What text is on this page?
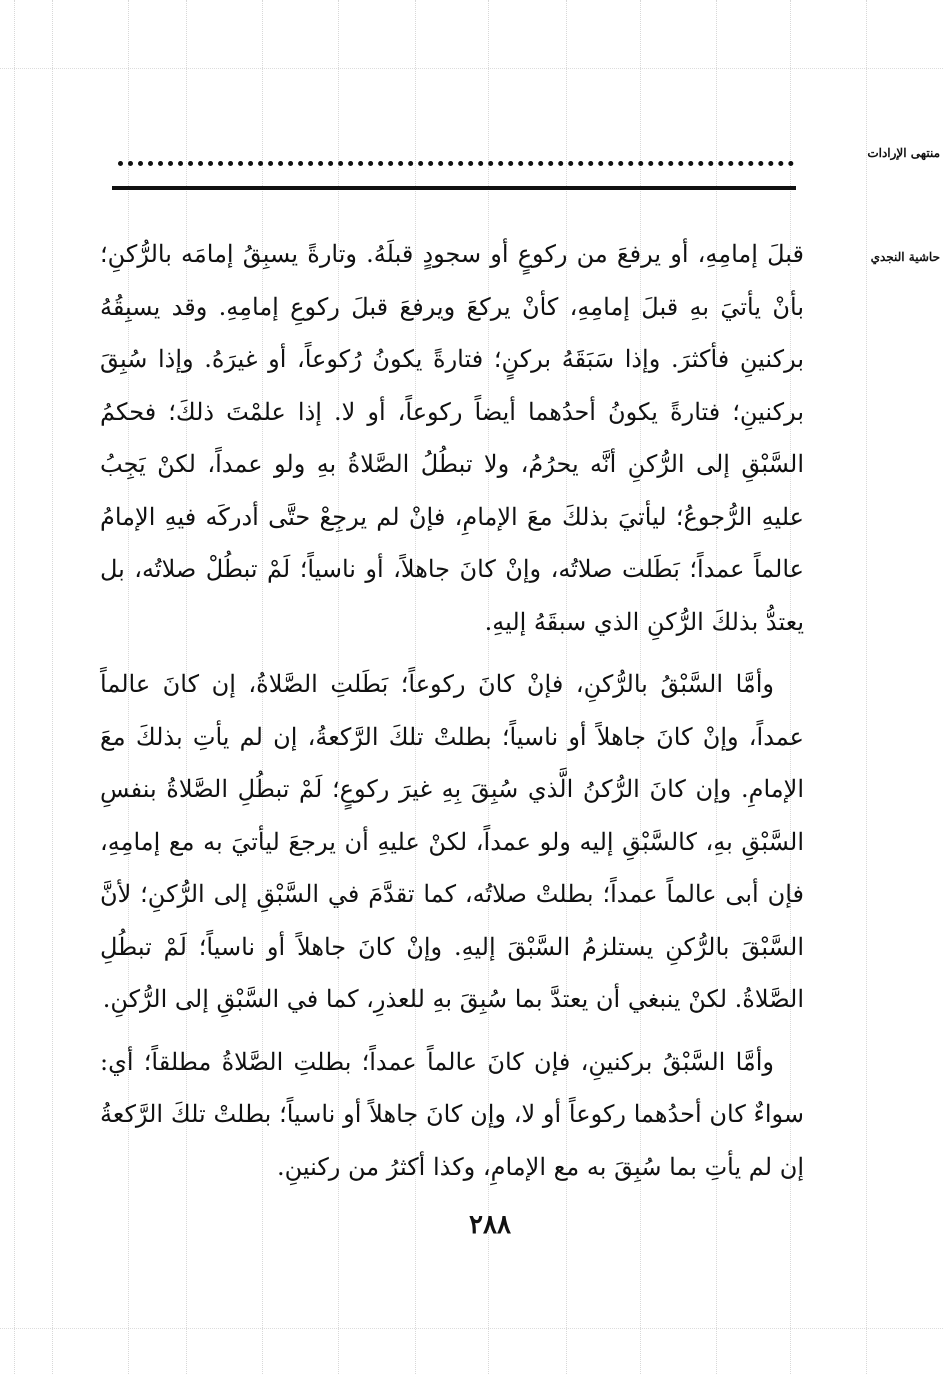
منتهى الإرادات
حاشية النجدي

قبلَ إمامِهِ، أو يرفعَ من ركوعٍ أو سجودٍ قبلَهُ. وتارةً يسبِقُ إمامَه بالرُّكنِ؛ بأنْ يأتيَ بهِ قبلَ إمامِهِ، كأنْ يركعَ ويرفعَ قبلَ ركوعِ إمامِهِ. وقد يسبِقُهُ بركنينِ فأكثرَ. وإذا سَبَقَهُ بركنٍ؛ فتارةً يكونُ رُكوعاً، أو غيرَهُ. وإذا سُبِقَ بركنينِ؛ فتارةً يكونُ أحدُهما أيضاً ركوعاً، أو لا. إذا علمْتَ ذلكَ؛ فحكمُ السَّبْقِ إلى الرُّكنِ أنَّه يحرُمُ، ولا تبطُلُ الصَّلاةُ بهِ ولو عمداً، لكنْ يَجِبُ عليهِ الرُّجوعُ؛ ليأتيَ بذلكَ معَ الإمامِ، فإنْ لم يرجِعْ حتَّى أدركَه فيهِ الإمامُ عالماً عمداً؛ بَطَلت صلاتُه، وإنْ كانَ جاهلاً، أو ناسياً؛ لَمْ تبطُلْ صلاتُه، بل يعتدُّ بذلكَ الرُّكنِ الذي سبقَهُ إليهِ.

وأمَّا السَّبْقُ بالرُّكنِ، فإنْ كانَ ركوعاً؛ بَطَلتِ الصَّلاةُ، إن كانَ عالماً عمداً، وإنْ كانَ جاهلاً أو ناسياً؛ بطلتْ تلكَ الرَّكعةُ، إن لم يأتِ بذلكَ معَ الإمامِ. وإن كانَ الرُّكنُ الَّذي سُبِقَ بِهِ غيرَ ركوعٍ؛ لَمْ تبطُلِ الصَّلاةُ بنفسِ السَّبْقِ بهِ، كالسَّبْقِ إليه ولو عمداً، لكنْ عليهِ أن يرجعَ ليأتيَ به مع إمامِهِ، فإن أبى عالماً عمداً؛ بطلتْ صلاتُه، كما تقدَّمَ في السَّبْقِ إلى الرُّكنِ؛ لأنَّ السَّبْقَ بالرُّكنِ يستلزمُ السَّبْقَ إليهِ. وإنْ كانَ جاهلاً أو ناسياً؛ لَمْ تبطُلِ الصَّلاةُ. لكنْ ينبغي أن يعتدَّ بما سُبِقَ بهِ للعذرِ، كما في السَّبْقِ إلى الرُّكنِ.

وأمَّا السَّبْقُ بركنينِ، فإن كانَ عالماً عمداً؛ بطلتِ الصَّلاةُ مطلقاً؛ أي: سواءٌ كان أحدُهما ركوعاً أو لا، وإن كانَ جاهلاً أو ناسياً؛ بطلتْ تلكَ الرَّكعةُ إن لم يأتِ بما سُبِقَ به مع الإمامِ، وكذا أكثرُ من ركنينِ.

٢٨٨
